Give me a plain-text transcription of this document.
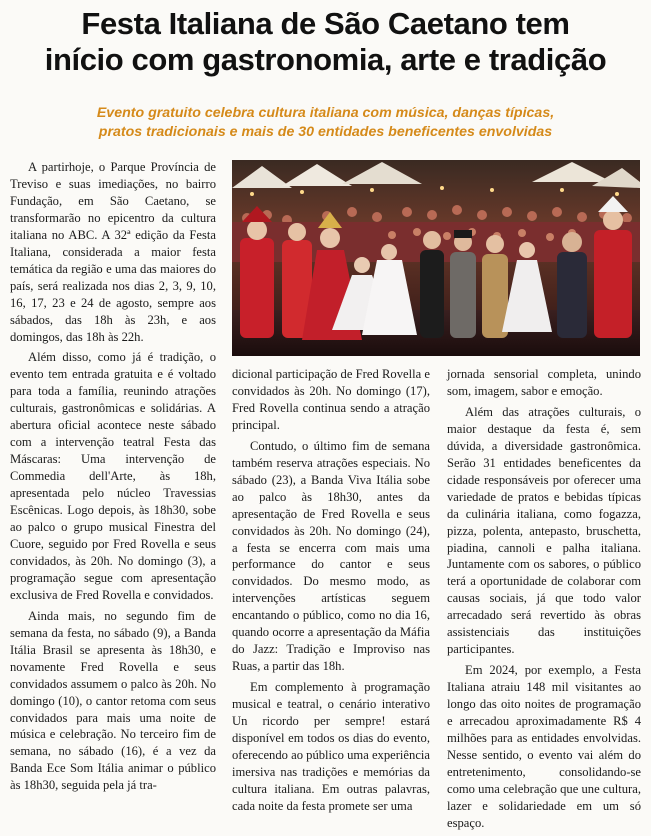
Festa Italiana de São Caetano tem
início com gastronomia, arte e tradição
Evento gratuito celebra cultura italiana com música, danças típicas,
pratos tradicionais e mais de 30 entidades beneficentes envolvidas

A partirhoje, o Parque Província de Treviso e suas imediações, no bairro Fundação, em São Caetano, se transformarão no epicentro da cultura italiana no ABC. A 32ª edição da Festa Italiana, considerada a maior festa temática da região e uma das maiores do país, será realizada nos dias 2, 3, 9, 10, 16, 17, 23 e 24 de agosto, sempre aos sábados, das 18h às 23h, e aos domingos, das 18h às 22h.

Além disso, como já é tradição, o evento tem entrada gratuita e é voltado para toda a família, reunindo atrações culturais, gastronômicas e solidárias. A abertura oficial acontece neste sábado com a intervenção teatral Festa das Máscaras: Uma intervenção de Commedia dell'Arte, às 18h, apresentada pelo núcleo Travessias Escênicas. Logo depois, às 18h30, sobe ao palco o grupo musical Finestra del Cuore, seguido por Fred Rovella e seus convidados, às 20h. No domingo (3), a programação segue com apresentação exclusiva de Fred Rovella e convidados.

Ainda mais, no segundo fim de semana da festa, no sábado (9), a Banda Itália Brasil se apresenta às 18h30, e novamente Fred Rovella e seus convidados assumem o palco às 20h. No domingo (10), o cantor retoma com seus convidados para mais uma noite de música e celebração. No terceiro fim de semana, no sábado (16), é a vez da Banda Ece Som Itália animar o público às 18h30, seguida pela já tra-

dicional participação de Fred Rovella e convidados às 20h. No domingo (17), Fred Rovella continua sendo a atração principal.

Contudo, o último fim de semana também reserva atrações especiais. No sábado (23), a Banda Viva Itália sobe ao palco às 18h30, antes da apresentação de Fred Rovella e seus convidados às 20h. No domingo (24), a festa se encerra com mais uma performance do cantor e seus convidados. Do mesmo modo, as intervenções artísticas seguem encantando o público, como no dia 16, quando ocorre a apresentação da Máfia do Jazz: Tradição e Improviso nas Ruas, a partir das 18h.

Em complemento à programação musical e teatral, o cenário interativo Un ricordo per sempre! estará disponível em todos os dias do evento, oferecendo ao público uma experiência imersiva nas tradições e memórias da cultura italiana. Em outras palavras, cada noite da festa promete ser uma

jornada sensorial completa, unindo som, imagem, sabor e emoção.

Além das atrações culturais, o maior destaque da festa é, sem dúvida, a diversidade gastronômica. Serão 31 entidades beneficentes da cidade responsáveis por oferecer uma variedade de pratos e bebidas típicas da culinária italiana, como fogazza, pizza, polenta, antepasto, bruschetta, piadina, cannoli e palha italiana. Juntamente com os sabores, o público terá a oportunidade de colaborar com causas sociais, já que todo valor arrecadado será revertido às obras assistenciais das instituições participantes.

Em 2024, por exemplo, a Festa Italiana atraiu 148 mil visitantes ao longo das oito noites de programação e arrecadou aproximadamente R$ 4 milhões para as entidades envolvidas. Nesse sentido, o evento vai além do entretenimento, consolidando-se como uma celebração que une cultura, lazer e solidariedade em um só espaço.
